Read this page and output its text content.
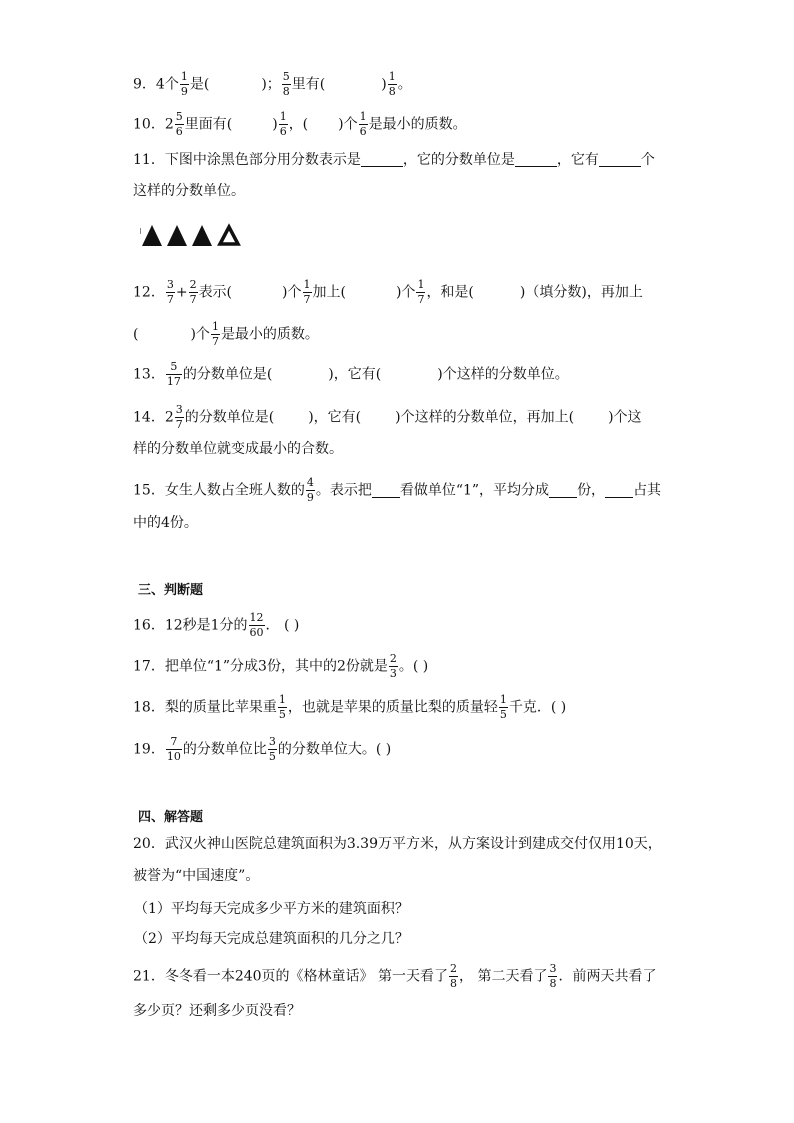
9．4个 $\frac{1}{9}$ 是(	)； $\frac{5}{8}$ 里有(	) $\frac{1}{8}$ 。
10．$2 \frac{5}{6}$ 里面有(	) $\frac{1}{6}$ ，( )个 $\frac{1}{6}$ 是最小的质数。
11．下图中涂黑色部分用分数表示是	，它的分数单位是	，它有	个
这样的分数单位。
12． $\frac{3}{7} + \frac{2}{7}$ 表示(	)个 $\frac{1}{7}$ 加上(	)个 $\frac{1}{7}$ ，和是(	)（填分数)，再加上
(	)个 $\frac{1}{7}$ 是最小的质数。
13． $\frac{5}{17}$ 的分数单位是(	)，它有(	)个这样的分数单位。
14．$2 \frac{3}{7}$ 的分数单位是( )，它有( )个这样的分数单位，再加上( )个这
样的分数单位就变成最小的合数。
15．女生人数占全班人数的 $\frac{4}{9}$ 。表示把 看做单位“1”，平均分成 份， 占其
中的4份。
三、判断题
16．12秒是1分的 $\frac{12}{60}$ ． ( )
17．把单位“1”分成3份，其中的2份就是 $\frac{2}{3}$ 。( )
18．梨的质量比苹果重 $\frac{1}{5}$ ，也就是苹果的质量比梨的质量轻 $\frac{1}{5}$ 千克．( )
19． $\frac{7}{10}$ 的分数单位比 $\frac{3}{5}$ 的分数单位大。( )
四、解答题
20．武汉火神山医院总建筑面积为3.39万平方米，从方案设计到建成交付仅用10天，
被誉为“中国速度”。
（1）平均每天完成多少平方米的建筑面积？
（2）平均每天完成总建筑面积的几分之几？
21．冬冬看一本240页的《格林童话》 第一天看了 $\frac{2}{8}$ ， 第二天看了 $\frac{3}{8}$ ．前两天共看了
多少页？还剩多少页没看？
